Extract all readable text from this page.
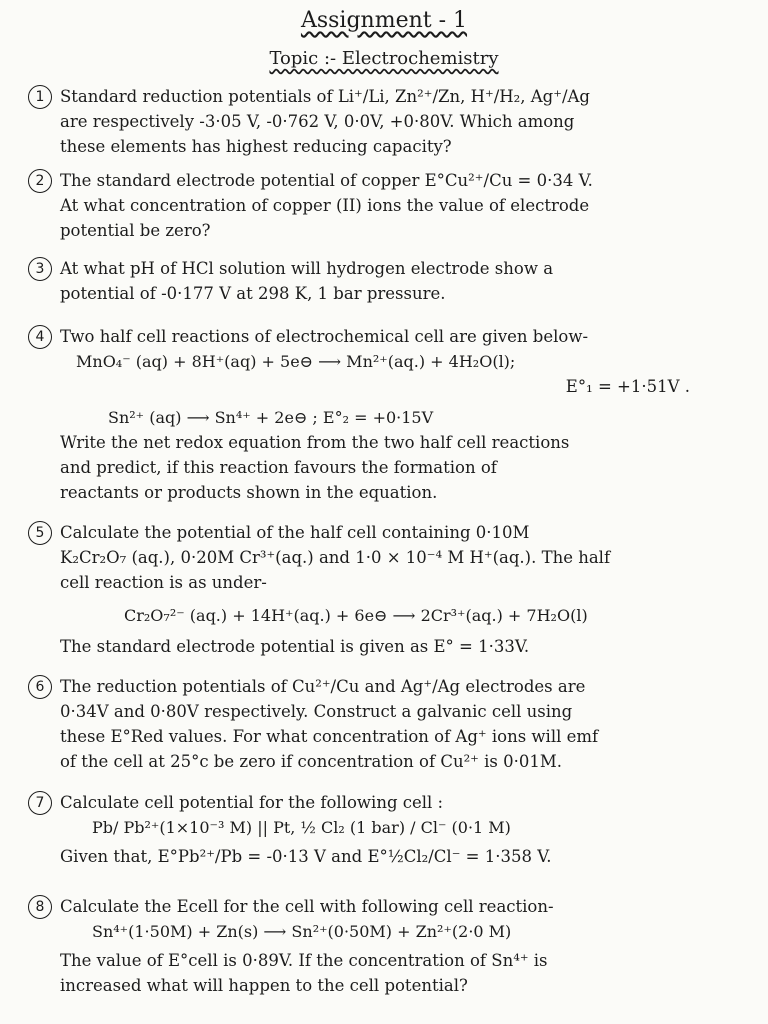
Assignment - 1
Topic :- Electrochemistry
1 Standard reduction potentials of Li⁺/Li, Zn²⁺/Zn, H⁺/H₂, Ag⁺/Ag
are respectively -3·05 V, -0·762 V, 0·0V, +0·80V. Which among
these elements has highest reducing capacity?
2 The standard electrode potential of copper E°Cu²⁺/Cu = 0·34 V.
At what concentration of copper (II) ions the value of electrode
potential be zero?
3 At what pH of HCl solution will hydrogen electrode show a
potential of -0·177 V at 298 K, 1 bar pressure.
4 Two half cell reactions of electrochemical cell are given below-
MnO₄⁻ (aq) + 8H⁺(aq) + 5e⊖ ⟶ Mn²⁺(aq.) + 4H₂O(l);
E°₁ = +1·51V .
Sn²⁺ (aq) ⟶ Sn⁴⁺ + 2e⊖ ; E°₂ = +0·15V
Write the net redox equation from the two half cell reactions
and predict, if this reaction favours the formation of
reactants or products shown in the equation.
5 Calculate the potential of the half cell containing 0·10M
K₂Cr₂O₇ (aq.), 0·20M Cr³⁺(aq.) and 1·0 × 10⁻⁴ M H⁺(aq.). The half
cell reaction is as under-
Cr₂O₇²⁻ (aq.) + 14H⁺(aq.) + 6e⊖ ⟶ 2Cr³⁺(aq.) + 7H₂O(l)
The standard electrode potential is given as E° = 1·33V.
6 The reduction potentials of Cu²⁺/Cu and Ag⁺/Ag electrodes are
0·34V and 0·80V respectively. Construct a galvanic cell using
these E°Red values. For what concentration of Ag⁺ ions will emf
of the cell at 25°c be zero if concentration of Cu²⁺ is 0·01M.
7 Calculate cell potential for the following cell :
Pb/ Pb²⁺(1×10⁻³ M) || Pt, ½ Cl₂ (1 bar) / Cl⁻ (0·1 M)
Given that, E°Pb²⁺/Pb = -0·13 V and E°½Cl₂/Cl⁻ = 1·358 V.
8 Calculate the Ecell for the cell with following cell reaction-
Sn⁴⁺(1·50M) + Zn(s) ⟶ Sn²⁺(0·50M) + Zn²⁺(2·0 M)
The value of E°cell is 0·89V. If the concentration of Sn⁴⁺ is
increased what will happen to the cell potential?
